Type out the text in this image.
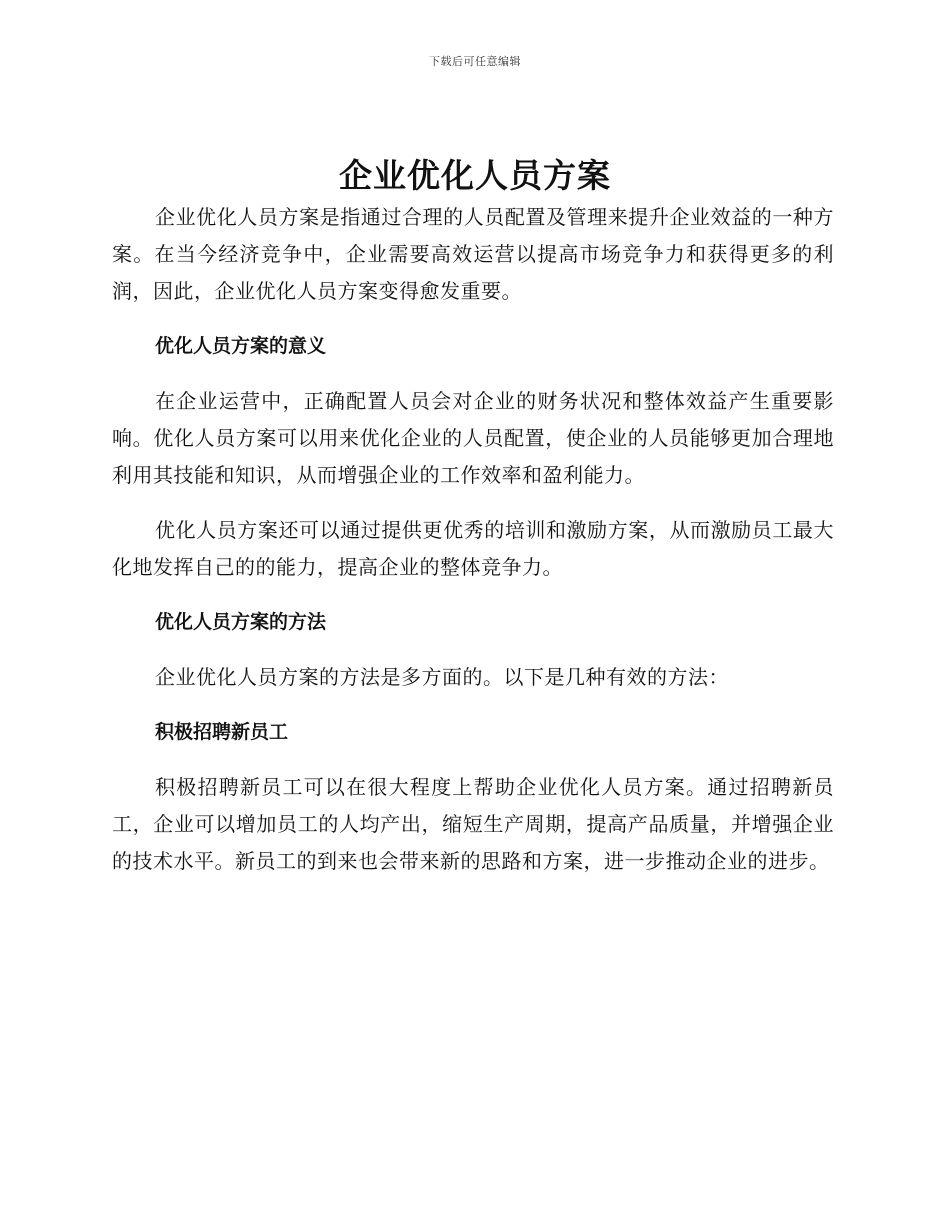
下载后可任意编辑
企业优化人员方案

企业优化人员方案是指通过合理的人员配置及管理来提升企业效益的一种方案。在当今经济竞争中，企业需要高效运营以提高市场竞争力和获得更多的利润，因此，企业优化人员方案变得愈发重要。

优化人员方案的意义

在企业运营中，正确配置人员会对企业的财务状况和整体效益产生重要影响。优化人员方案可以用来优化企业的人员配置，使企业的人员能够更加合理地利用其技能和知识，从而增强企业的工作效率和盈利能力。

优化人员方案还可以通过提供更优秀的培训和激励方案，从而激励员工最大化地发挥自己的的能力，提高企业的整体竞争力。

优化人员方案的方法

企业优化人员方案的方法是多方面的。以下是几种有效的方法：

积极招聘新员工

积极招聘新员工可以在很大程度上帮助企业优化人员方案。通过招聘新员工，企业可以增加员工的人均产出，缩短生产周期，提高产品质量，并增强企业的技术水平。新员工的到来也会带来新的思路和方案，进一步推动企业的进步。
